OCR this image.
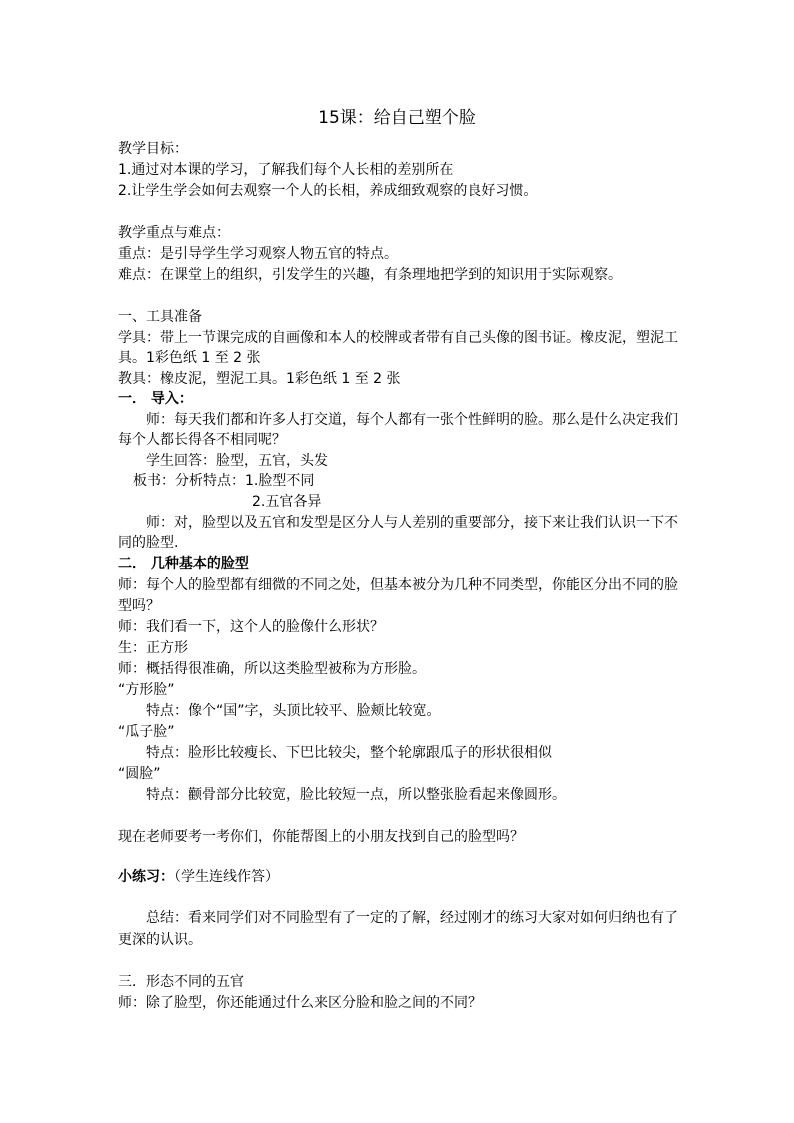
15课：给自己塑个脸
教学目标：
1.通过对本课的学习，了解我们每个人长相的差别所在
2.让学生学会如何去观察一个人的长相，养成细致观察的良好习惯。
教学重点与难点：
重点：是引导学生学习观察人物五官的特点。
难点：在课堂上的组织，引发学生的兴趣，有条理地把学到的知识用于实际观察。
一、工具准备
学具：带上一节课完成的自画像和本人的校牌或者带有自己头像的图书证。橡皮泥，塑泥工
具。1彩色纸 1 至 2 张
教具：橡皮泥，塑泥工具。1彩色纸 1 至 2 张
一． 导入：
师：每天我们都和许多人打交道，每个人都有一张个性鲜明的脸。那么是什么决定我们
每个人都长得各不相同呢？
学生回答：脸型，五官，头发
板书：分析特点：1.脸型不同
2.五官各异
师：对，脸型以及五官和发型是区分人与人差别的重要部分，接下来让我们认识一下不
同的脸型.
二． 几种基本的脸型
师：每个人的脸型都有细微的不同之处，但基本被分为几种不同类型，你能区分出不同的脸
型吗？
师：我们看一下，这个人的脸像什么形状？
生：正方形
师：概括得很准确，所以这类脸型被称为方形脸。
“方形脸”
特点：像个“国”字，头顶比较平、脸颊比较宽。
“瓜子脸”
特点：脸形比较瘦长、下巴比较尖，整个轮廓跟瓜子的形状很相似
“圆脸”
特点：颧骨部分比较宽，脸比较短一点，所以整张脸看起来像圆形。
现在老师要考一考你们，你能帮图上的小朋友找到自己的脸型吗？
小练习：（学生连线作答）
总结：看来同学们对不同脸型有了一定的了解，经过刚才的练习大家对如何归纳也有了
更深的认识。
三．形态不同的五官
师：除了脸型，你还能通过什么来区分脸和脸之间的不同？
